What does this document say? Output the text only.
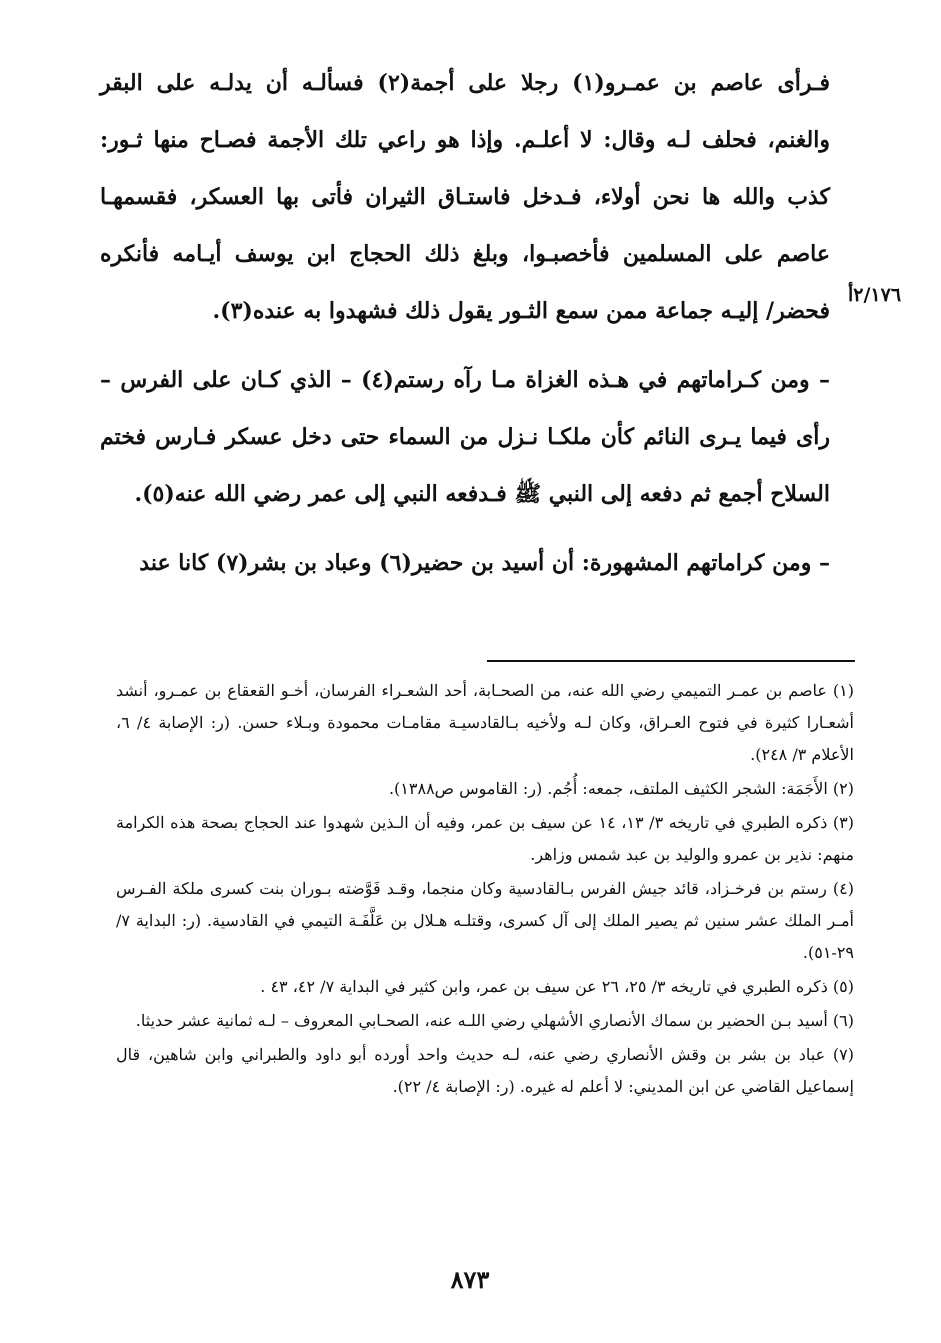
٢/١٧٦أ

فـرأى عاصم بن عمـرو(١) رجلا على أجمة(٢) فسألـه أن يدلـه على البقر والغنم، فحلف لـه وقال: لا أعلـم. وإذا هو راعي تلك الأجمة فصـاح منها ثـور: كذب والله ها نحن أولاء، فـدخل فاستـاق الثيران فأتى بها العسكر، فقسمهـا عاصم على المسلمين فأخصبـوا، وبلغ ذلك الحجاج ابن يوسف أيـامه فأنكره فحضر/ إليـه جماعة ممن سمع الثـور يقول ذلك فشهدوا به عنده(٣).

– ومن كـراماتهم في هـذه الغزاة مـا رآه رستم(٤) – الذي كـان على الفرس – رأى فيما يـرى النائم كأن ملكـا نـزل من السماء حتى دخل عسكر فـارس فختم السلاح أجمع ثم دفعه إلى النبي ﷺ فـدفعه النبي إلى عمر رضي الله عنه(٥).

– ومن كراماتهم المشهورة: أن أسيد بن حضير(٦) وعباد بن بشر(٧) كانا عند

(١) عاصم بن عمـر التميمي رضي الله عنه، من الصحـابة، أحد الشعـراء الفرسان، أخـو القعقاع بن عمـرو، أنشد أشعـارا كثيرة في فتوح العـراق، وكان لـه ولأخيه بـالقادسيـة مقامـات محمودة وبـلاء حسن. (ر: الإصابة ٤/ ٦، الأعلام ٣/ ٢٤٨).

(٢) الأَجَمَة: الشجر الكثيف الملتف، جمعه: أُجُم. (ر: القاموس ص١٣٨٨).

(٣) ذكره الطبري في تاريخه ٣/ ١٣، ١٤ عن سيف بن عمر، وفيه أن الـذين شهدوا عند الحجاج بصحة هذه الكرامة منهم: نذير بن عمرو والوليد بن عبد شمس وزاهر.

(٤) رستم بن فرخـزاد، قائد جيش الفرس بـالقادسية وكان منجما، وقـد فَوَّضته بـوران بنت كسرى ملكة الفـرس أمـر الملك عشر سنين ثم يصير الملك إلى آل كسرى، وقتلـه هـلال بن عَلَّفَـة التيمي في القادسية. (ر: البداية ٧/ ٢٩-٥١).

(٥) ذكره الطبري في تاريخه ٣/ ٢٥، ٢٦ عن سيف بن عمر، وابن كثير في البداية ٧/ ٤٢، ٤٣ .

(٦) أسيد بـن الحضير بن سماك الأنصاري الأشهلي رضي اللـه عنه، الصحـابي المعروف – لـه ثمانية عشر حديثا.

(٧) عباد بن بشر بن وقش الأنصاري رضي عنه، لـه حديث واحد أورده أبو داود والطبراني وابن شاهين، قال إسماعيل القاضي عن ابن المديني: لا أعلم له غيره. (ر: الإصابة ٤/ ٢٢).

٨٧٣
